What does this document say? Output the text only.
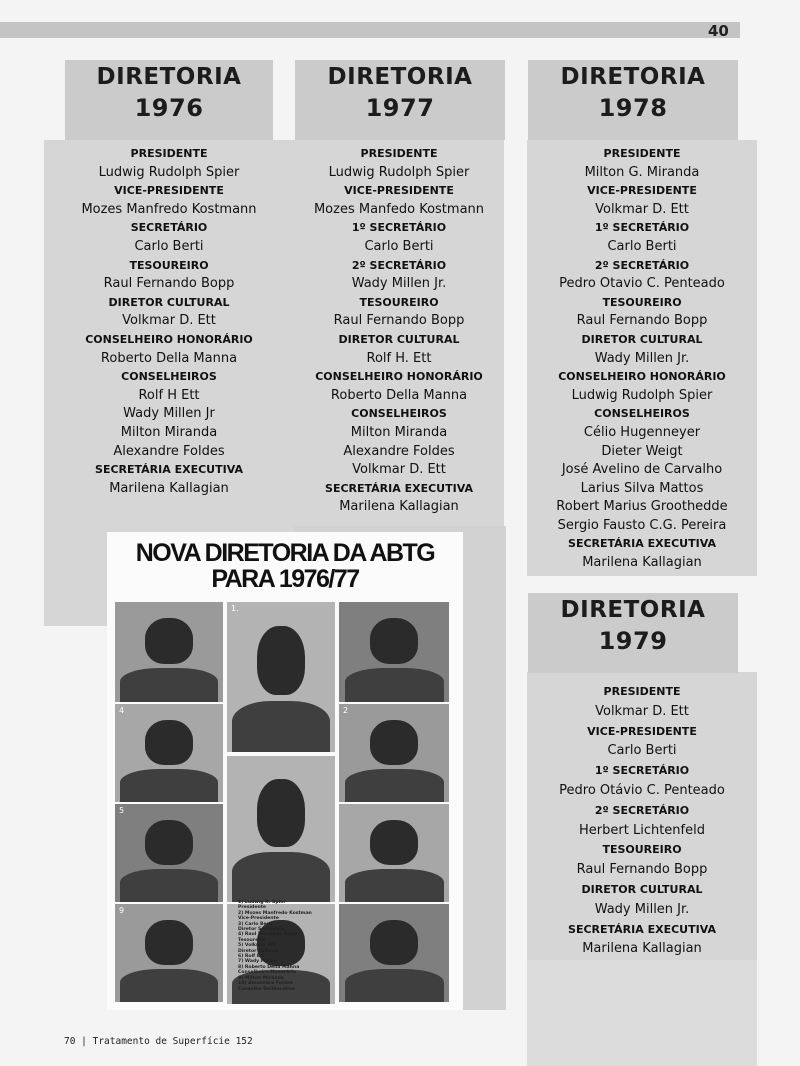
40
DIRETORIA
1976
DIRETORIA
1977
DIRETORIA
1978
DIRETORIA
1979
PRESIDENTE
Ludwig Rudolph Spier
VICE-PRESIDENTE
Mozes Manfredo Kostmann
SECRETÁRIO
Carlo Berti
TESOUREIRO
Raul Fernando Bopp
DIRETOR CULTURAL
Volkmar D. Ett
CONSELHEIRO HONORÁRIO
Roberto Della Manna
CONSELHEIROS
Rolf H Ett
Wady Millen Jr
Milton Miranda
Alexandre Foldes
SECRETÁRIA EXECUTIVA
Marilena Kallagian
PRESIDENTE
Ludwig Rudolph Spier
VICE-PRESIDENTE
Mozes Manfedo Kostmann
1º SECRETÁRIO
Carlo Berti
2º SECRETÁRIO
Wady Millen Jr.
TESOUREIRO
Raul Fernando Bopp
DIRETOR CULTURAL
Rolf H. Ett
CONSELHEIRO HONORÁRIO
Roberto Della Manna
CONSELHEIROS
Milton Miranda
Alexandre Foldes
Volkmar D. Ett
SECRETÁRIA EXECUTIVA
Marilena Kallagian
PRESIDENTE
Milton G. Miranda
VICE-PRESIDENTE
Volkmar D. Ett
1º SECRETÁRIO
Carlo Berti
2º SECRETÁRIO
Pedro Otavio C. Penteado
TESOUREIRO
Raul Fernando Bopp
DIRETOR CULTURAL
Wady Millen Jr.
CONSELHEIRO HONORÁRIO
Ludwig Rudolph Spier
CONSELHEIROS
Célio Hugenneyer
Dieter Weigt
José Avelino de Carvalho
Larius Silva Mattos
Robert Marius Groothedde
Sergio Fausto C.G. Pereira
SECRETÁRIA EXECUTIVA
Marilena Kallagian
PRESIDENTE
Volkmar D. Ett
VICE-PRESIDENTE
Carlo Berti
1º SECRETÁRIO
Pedro Otávio C. Penteado
2º SECRETÁRIO
Herbert Lichtenfeld
TESOUREIRO
Raul Fernando Bopp
DIRETOR CULTURAL
Wady Millen Jr.
SECRETÁRIA EXECUTIVA
Marilena Kallagian
NOVA DIRETORIA DA ABTG
PARA 1976/77
1.
4	2
5
9
1) Ludwig R. Spier
Presidente
2) Mozes Manfredo Kostman
Vice-Presidente
3) Carlo Berti
Diretor Secretário
4) Raul Fernando Bopp
Tesoureiro
5) Volkmar Ett
Diretor Cultural
6) Rolf Ett
7) Wady Millen
8) Roberto Della Manna
Conselheiro Honorário
9) Milton Miranda
10) Alexandre Foldes
Conselho Deliberativo
70 | Tratamento de Superfície 152
